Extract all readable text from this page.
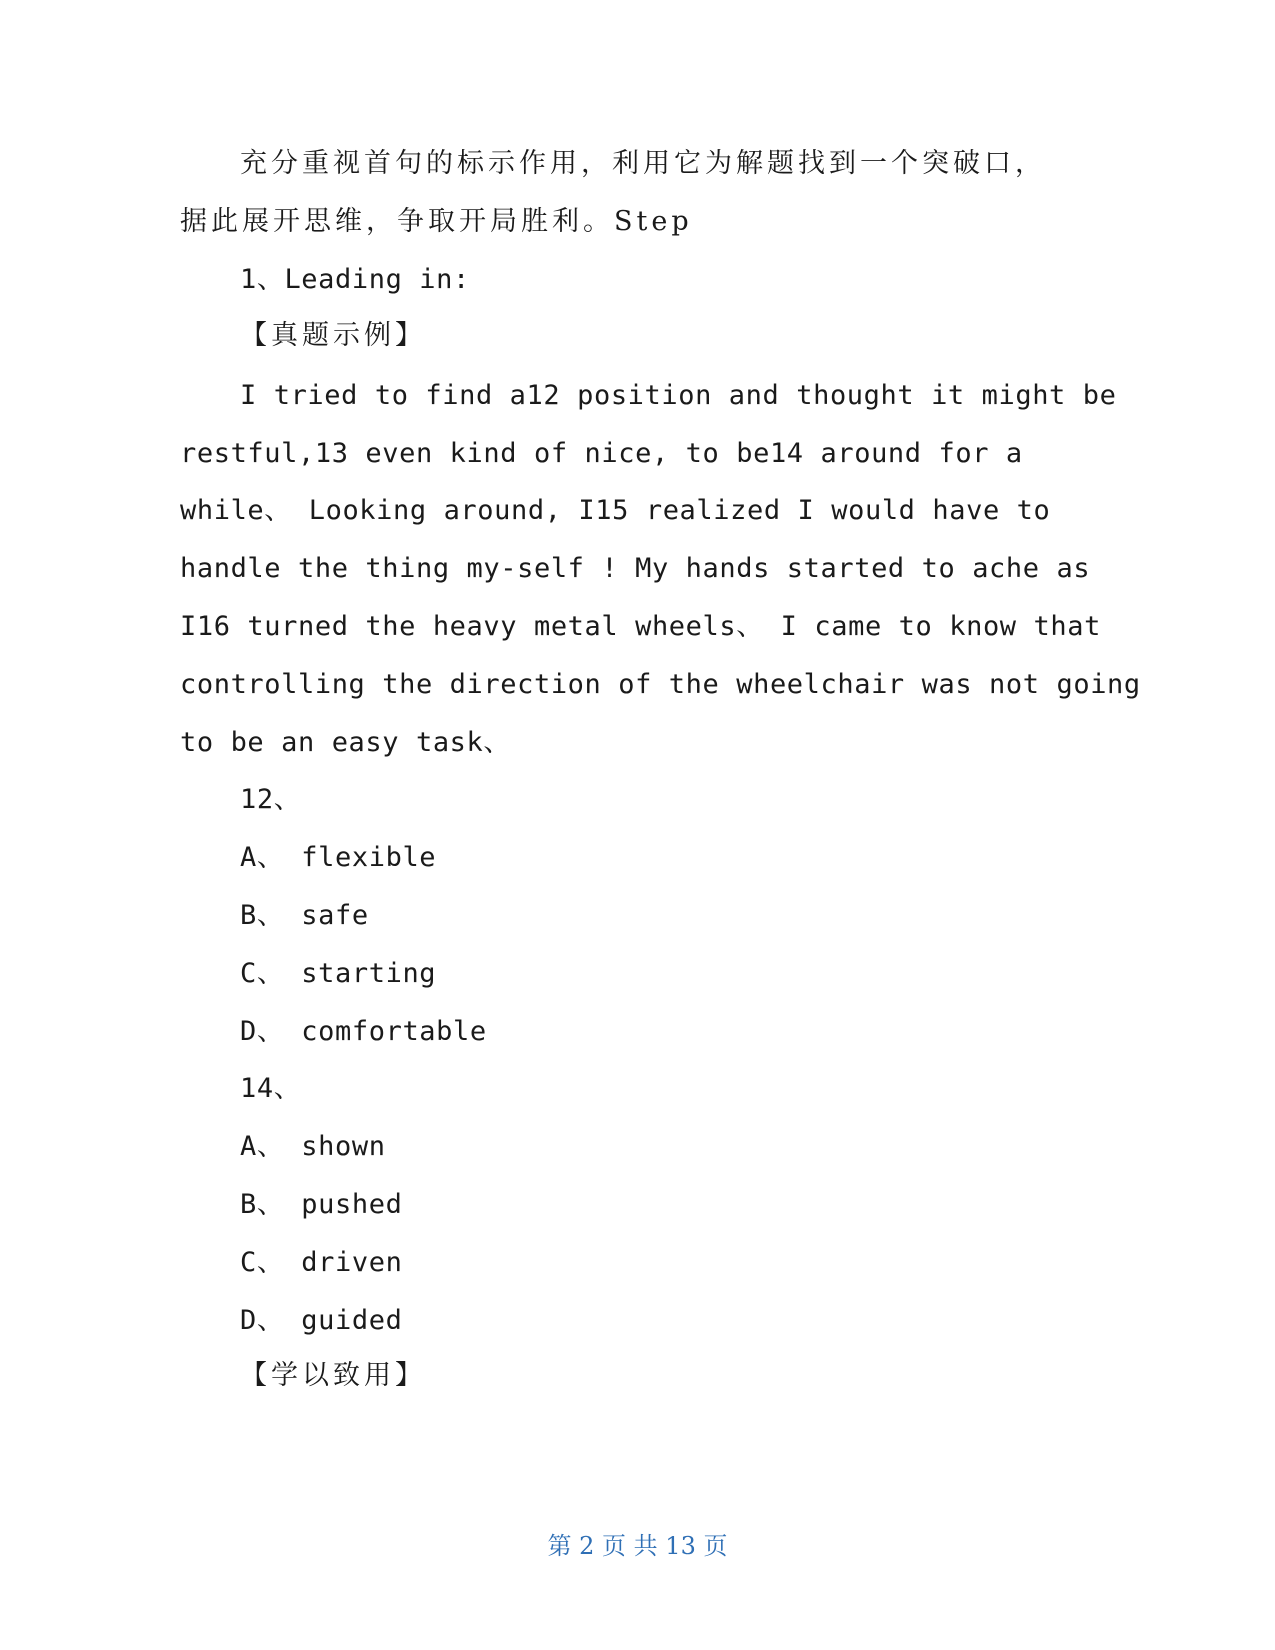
充分重视首句的标示作用，利用它为解题找到一个突破口，
据此展开思维，争取开局胜利。Step
1、Leading in:
【真题示例】
I tried to find a12 position and thought it might be
restful,13 even kind of nice, to be14 around for a
while、 Looking around, I15 realized I would have to
handle the thing my-self ! My hands started to ache as
I16 turned the heavy metal wheels、 I came to know that
controlling the direction of the wheelchair was not going
to be an easy task、
12、
A、 flexible
B、 safe
C、 starting
D、 comfortable
14、
A、 shown
B、 pushed
C、 driven
D、 guided
【学以致用】
第 2 页 共 13 页
